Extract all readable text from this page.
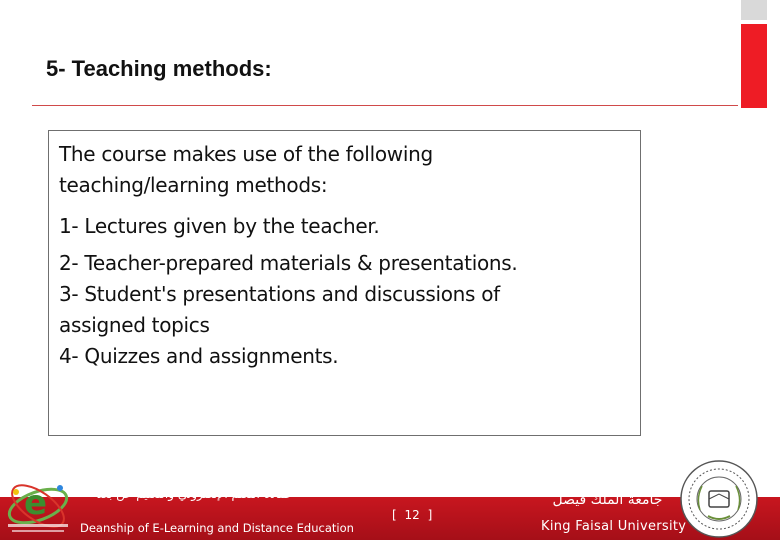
5- Teaching methods:

The course makes use of the following

teaching/learning methods:

1- Lectures given by the teacher.

2- Teacher-prepared materials & presentations.

3- Student's presentations and discussions of

assigned topics

4- Quizzes and assignments.

e	عمادة التعلم الإلكتروني والتعليم عن بعد
Deanship of E-Learning and Distance Education
[ 12 ]
جامعة الملك فيصل
King Faisal University
